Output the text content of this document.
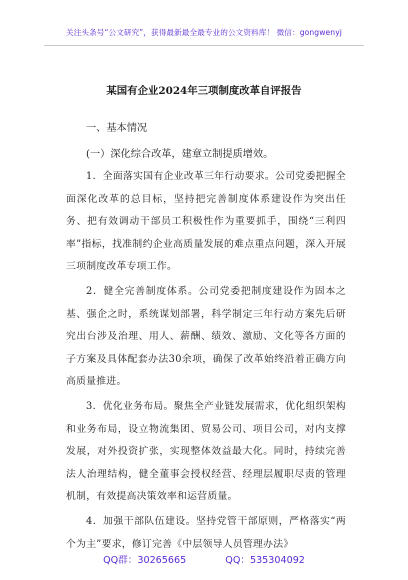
关注头条号“公文研究”，获得最新最全最专业的公文资料库！ 微信：gongwenyj
某国有企业2024年三项制度改革自评报告

一、基本情况

(一）深化综合改革，建章立制提质增效。

1．全面落实国有企业改革三年行动要求。公司党委把握全面深化改革的总目标，坚持把完善制度体系建设作为突出任务、把有效调动干部员工积极性作为重要抓手，围绕“三利四率”指标，找准制约企业高质量发展的难点重点问题，深入开展三项制度改革专项工作。

2．健全完善制度体系。公司党委把制度建设作为固本之基、强企之时，系统谋划部署，科学制定三年行动方案先后研究出台涉及治理、用人、薪酬、绩效、激励、文化等各方面的子方案及具体配套办法30余项，确保了改革始终沿着正确方向高质量推进。

3．优化业务布局。聚焦全产业链发展需求，优化组织架构和业务布局，设立物流集团、贸易公司、项目公司，对内支撑发展，对外投资扩张，实现整体效益最大化。同时，持续完善法人治理结构，健全董事会授权经营、经理层履职尽责的管理机制，有效提高决策效率和运营质量。

4．加强干部队伍建设。坚持党管干部原则，严格落实“两个为主”要求，修订完善《中层领导人员管理办法》

QQ群：30265665	QQ：535304092
